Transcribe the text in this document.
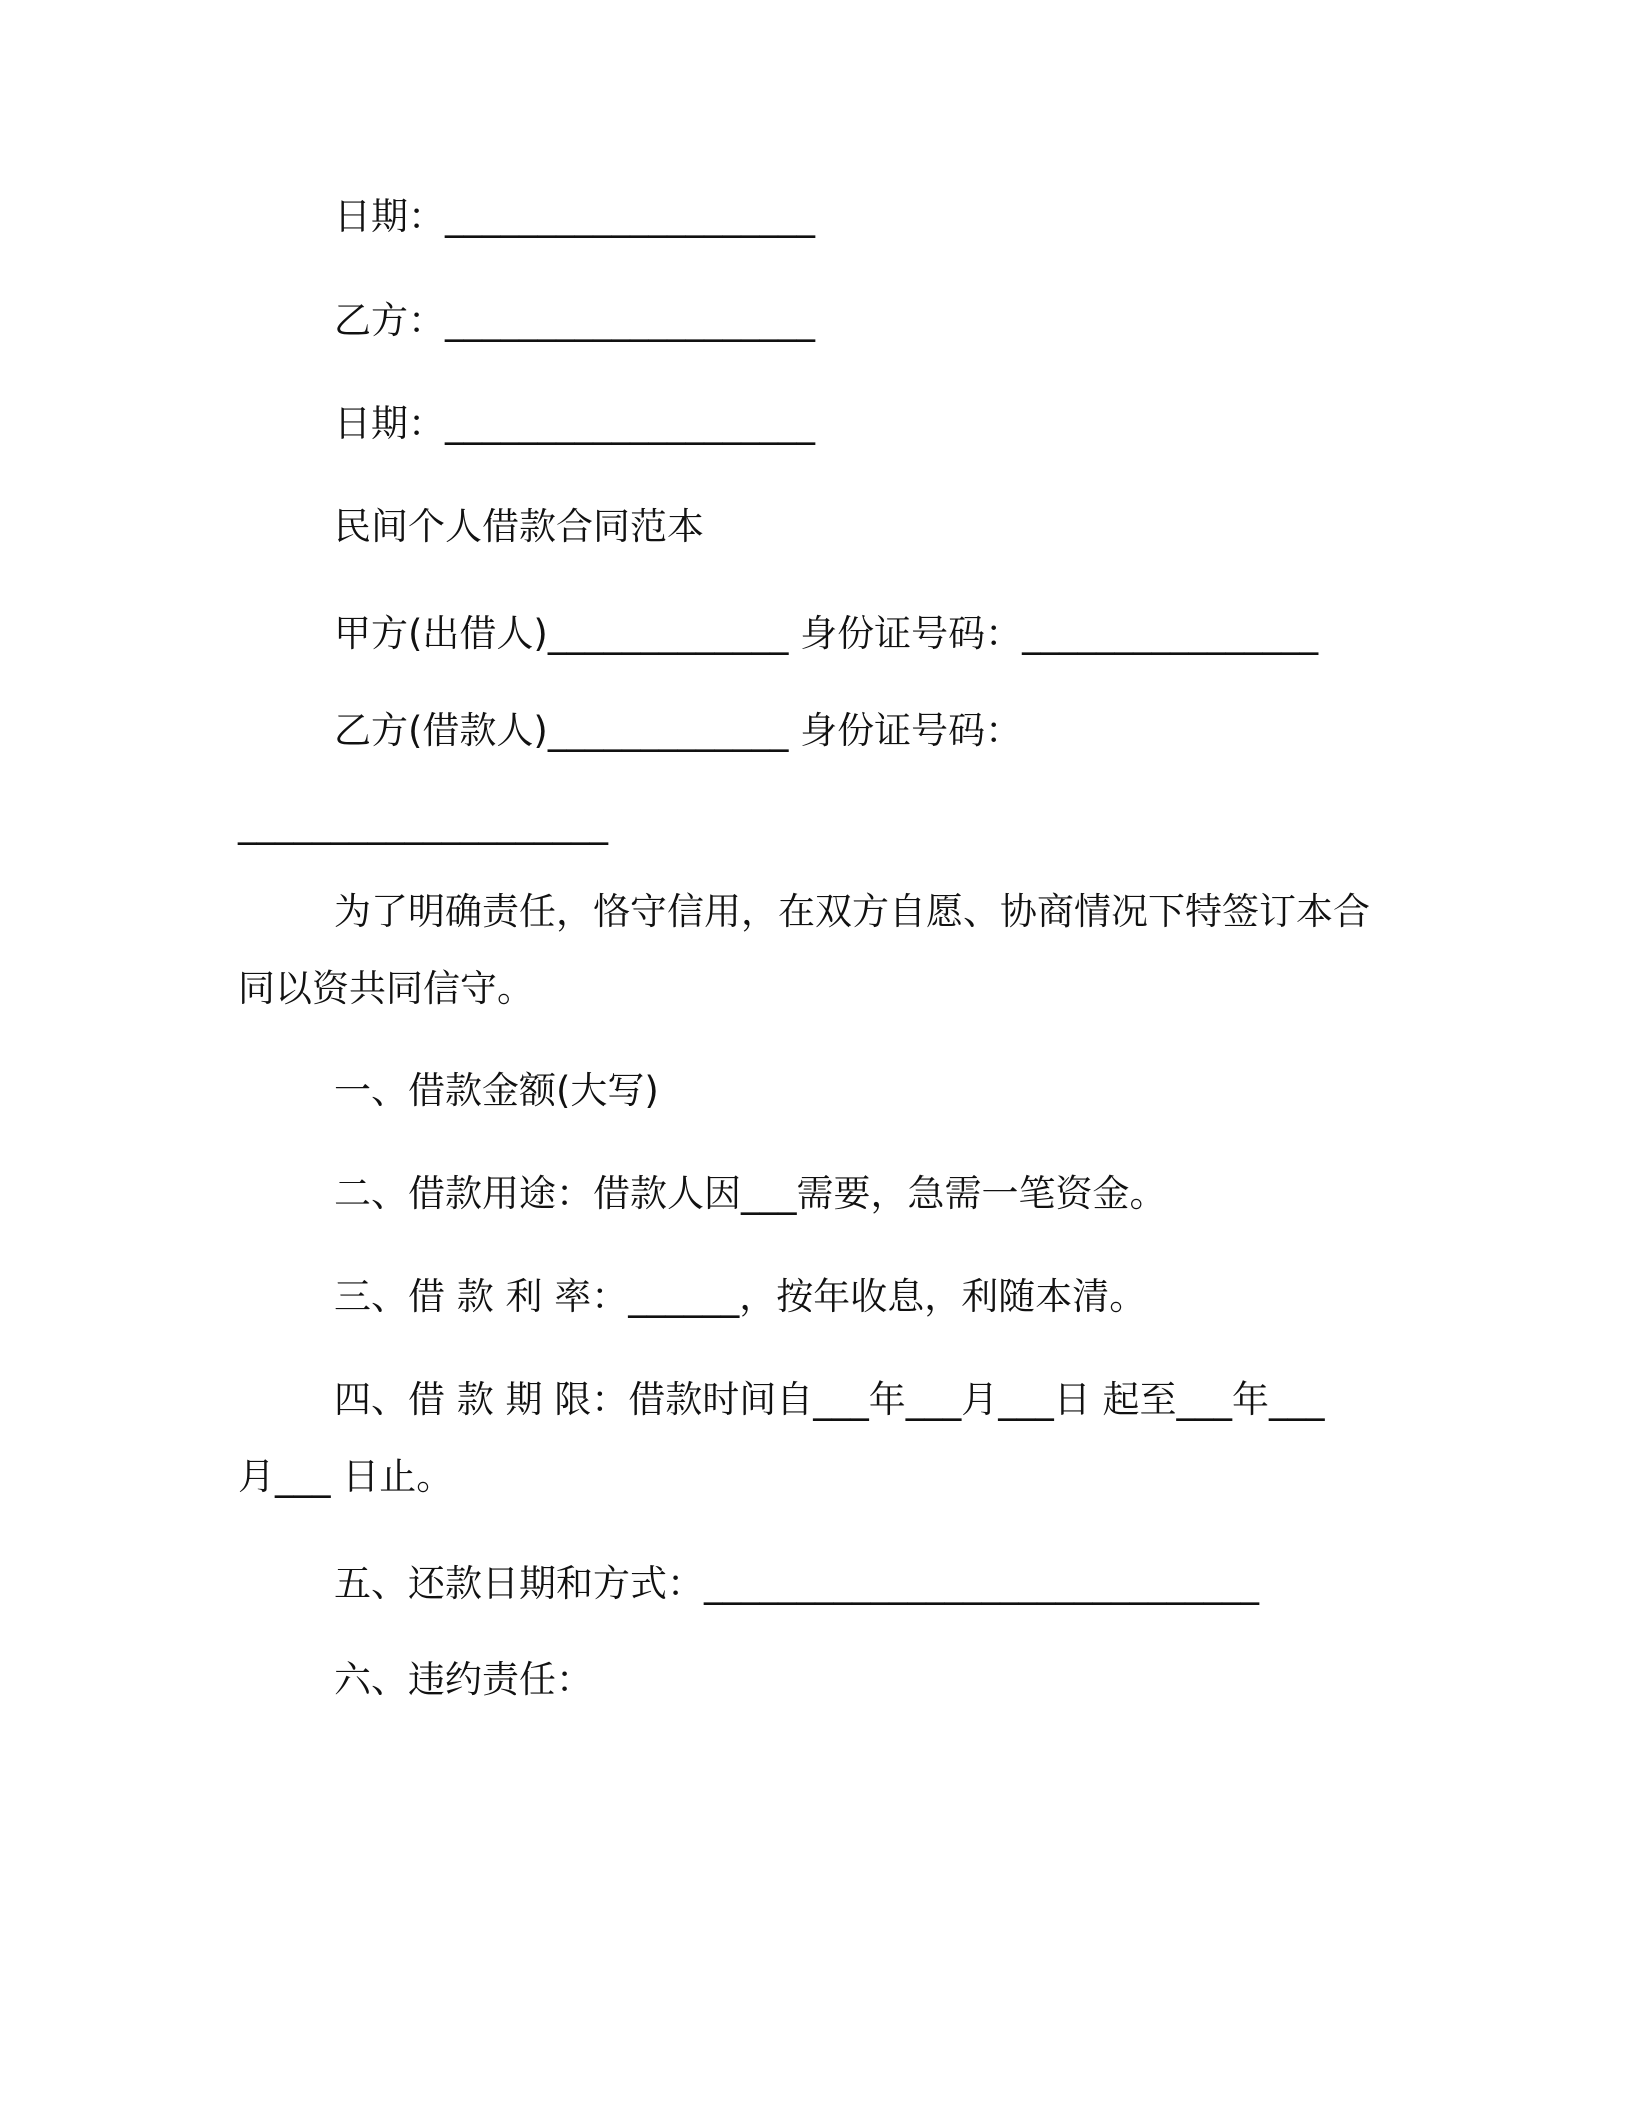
日期：____________________
乙方：____________________
日期：____________________
民间个人借款合同范本
甲方(出借人)_____________ 身份证号码：________________
乙方(借款人)_____________ 身份证号码：
____________________
为了明确责任，恪守信用，在双方自愿、协商情况下特签订本合
同以资共同信守。
一、借款金额(大写)
二、借款用途：借款人因___需要，急需一笔资金。
三、借 款 利 率：______，按年收息，利随本清。
四、借 款 期 限：借款时间自___年___月___日 起至___年___
月___ 日止。
五、还款日期和方式：______________________________
六、违约责任：
